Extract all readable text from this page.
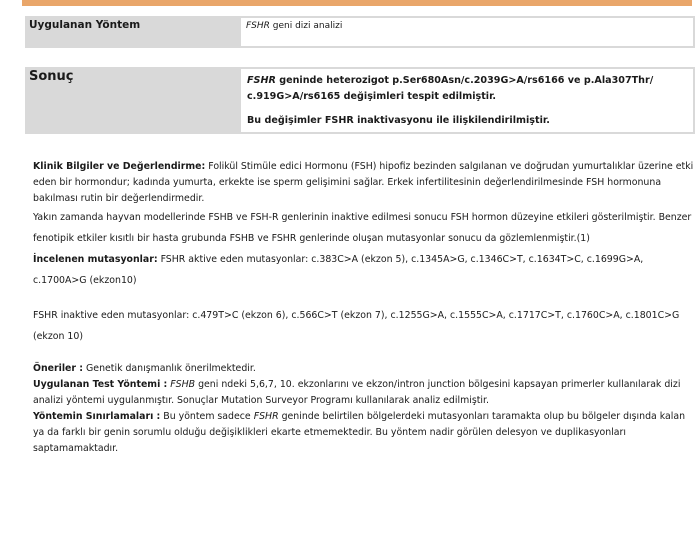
Uygulanan Yöntem	FSHR geni dizi analizi
Sonuç	FSHR geninde heterozigot p.Ser680Asn/c.2039G>A/rs6166 ve p.Ala307Thr/
c.919G>A/rs6165 değişimleri tespit edilmiştir.
Bu değişimler FSHR inaktivasyonu ile ilişkilendirilmiştir.

Klinik Bilgiler ve Değerlendirme: Folikül Stimüle edici Hormonu (FSH) hipofiz bezinden salgılanan ve doğrudan yumurtalıklar üzerine etki eden bir hormondur; kadında yumurta, erkekte ise sperm gelişimini sağlar. Erkek infertilitesinin değerlendirilmesinde FSH hormonuna bakılması rutin bir değerlendirmedir.

Yakın zamanda hayvan modellerinde FSHB ve FSH-R genlerinin inaktive edilmesi sonucu FSH hormon düzeyine etkileri gösterilmiştir. Benzer fenotipik etkiler kısıtlı bir hasta grubunda FSHB ve FSHR genlerinde oluşan mutasyonlar sonucu da gözlemlenmiştir.(1)

İncelenen mutasyonlar: FSHR aktive eden mutasyonlar: c.383C>A (ekzon 5), c.1345A>G, c.1346C>T, c.1634T>C, c.1699G>A, c.1700A>G (ekzon10)

FSHR inaktive eden mutasyonlar: c.479T>C (ekzon 6), c.566C>T (ekzon 7), c.1255G>A, c.1555C>A, c.1717C>T, c.1760C>A, c.1801C>G (ekzon 10)

Öneriler : Genetik danışmanlık önerilmektedir.

Uygulanan Test Yöntemi : FSHB geni ndeki 5,6,7, 10. ekzonlarını ve ekzon/intron junction bölgesini kapsayan primerler kullanılarak dizi analizi yöntemi uygulanmıştır. Sonuçlar Mutation Surveyor Programı kullanılarak analiz edilmiştir.

Yöntemin Sınırlamaları : Bu yöntem sadece FSHR geninde belirtilen bölgelerdeki mutasyonları taramakta olup bu bölgeler dışında kalan ya da farklı bir genin sorumlu olduğu değişiklikleri ekarte etmemektedir. Bu yöntem nadir görülen delesyon ve duplikasyonları saptamamaktadır.
